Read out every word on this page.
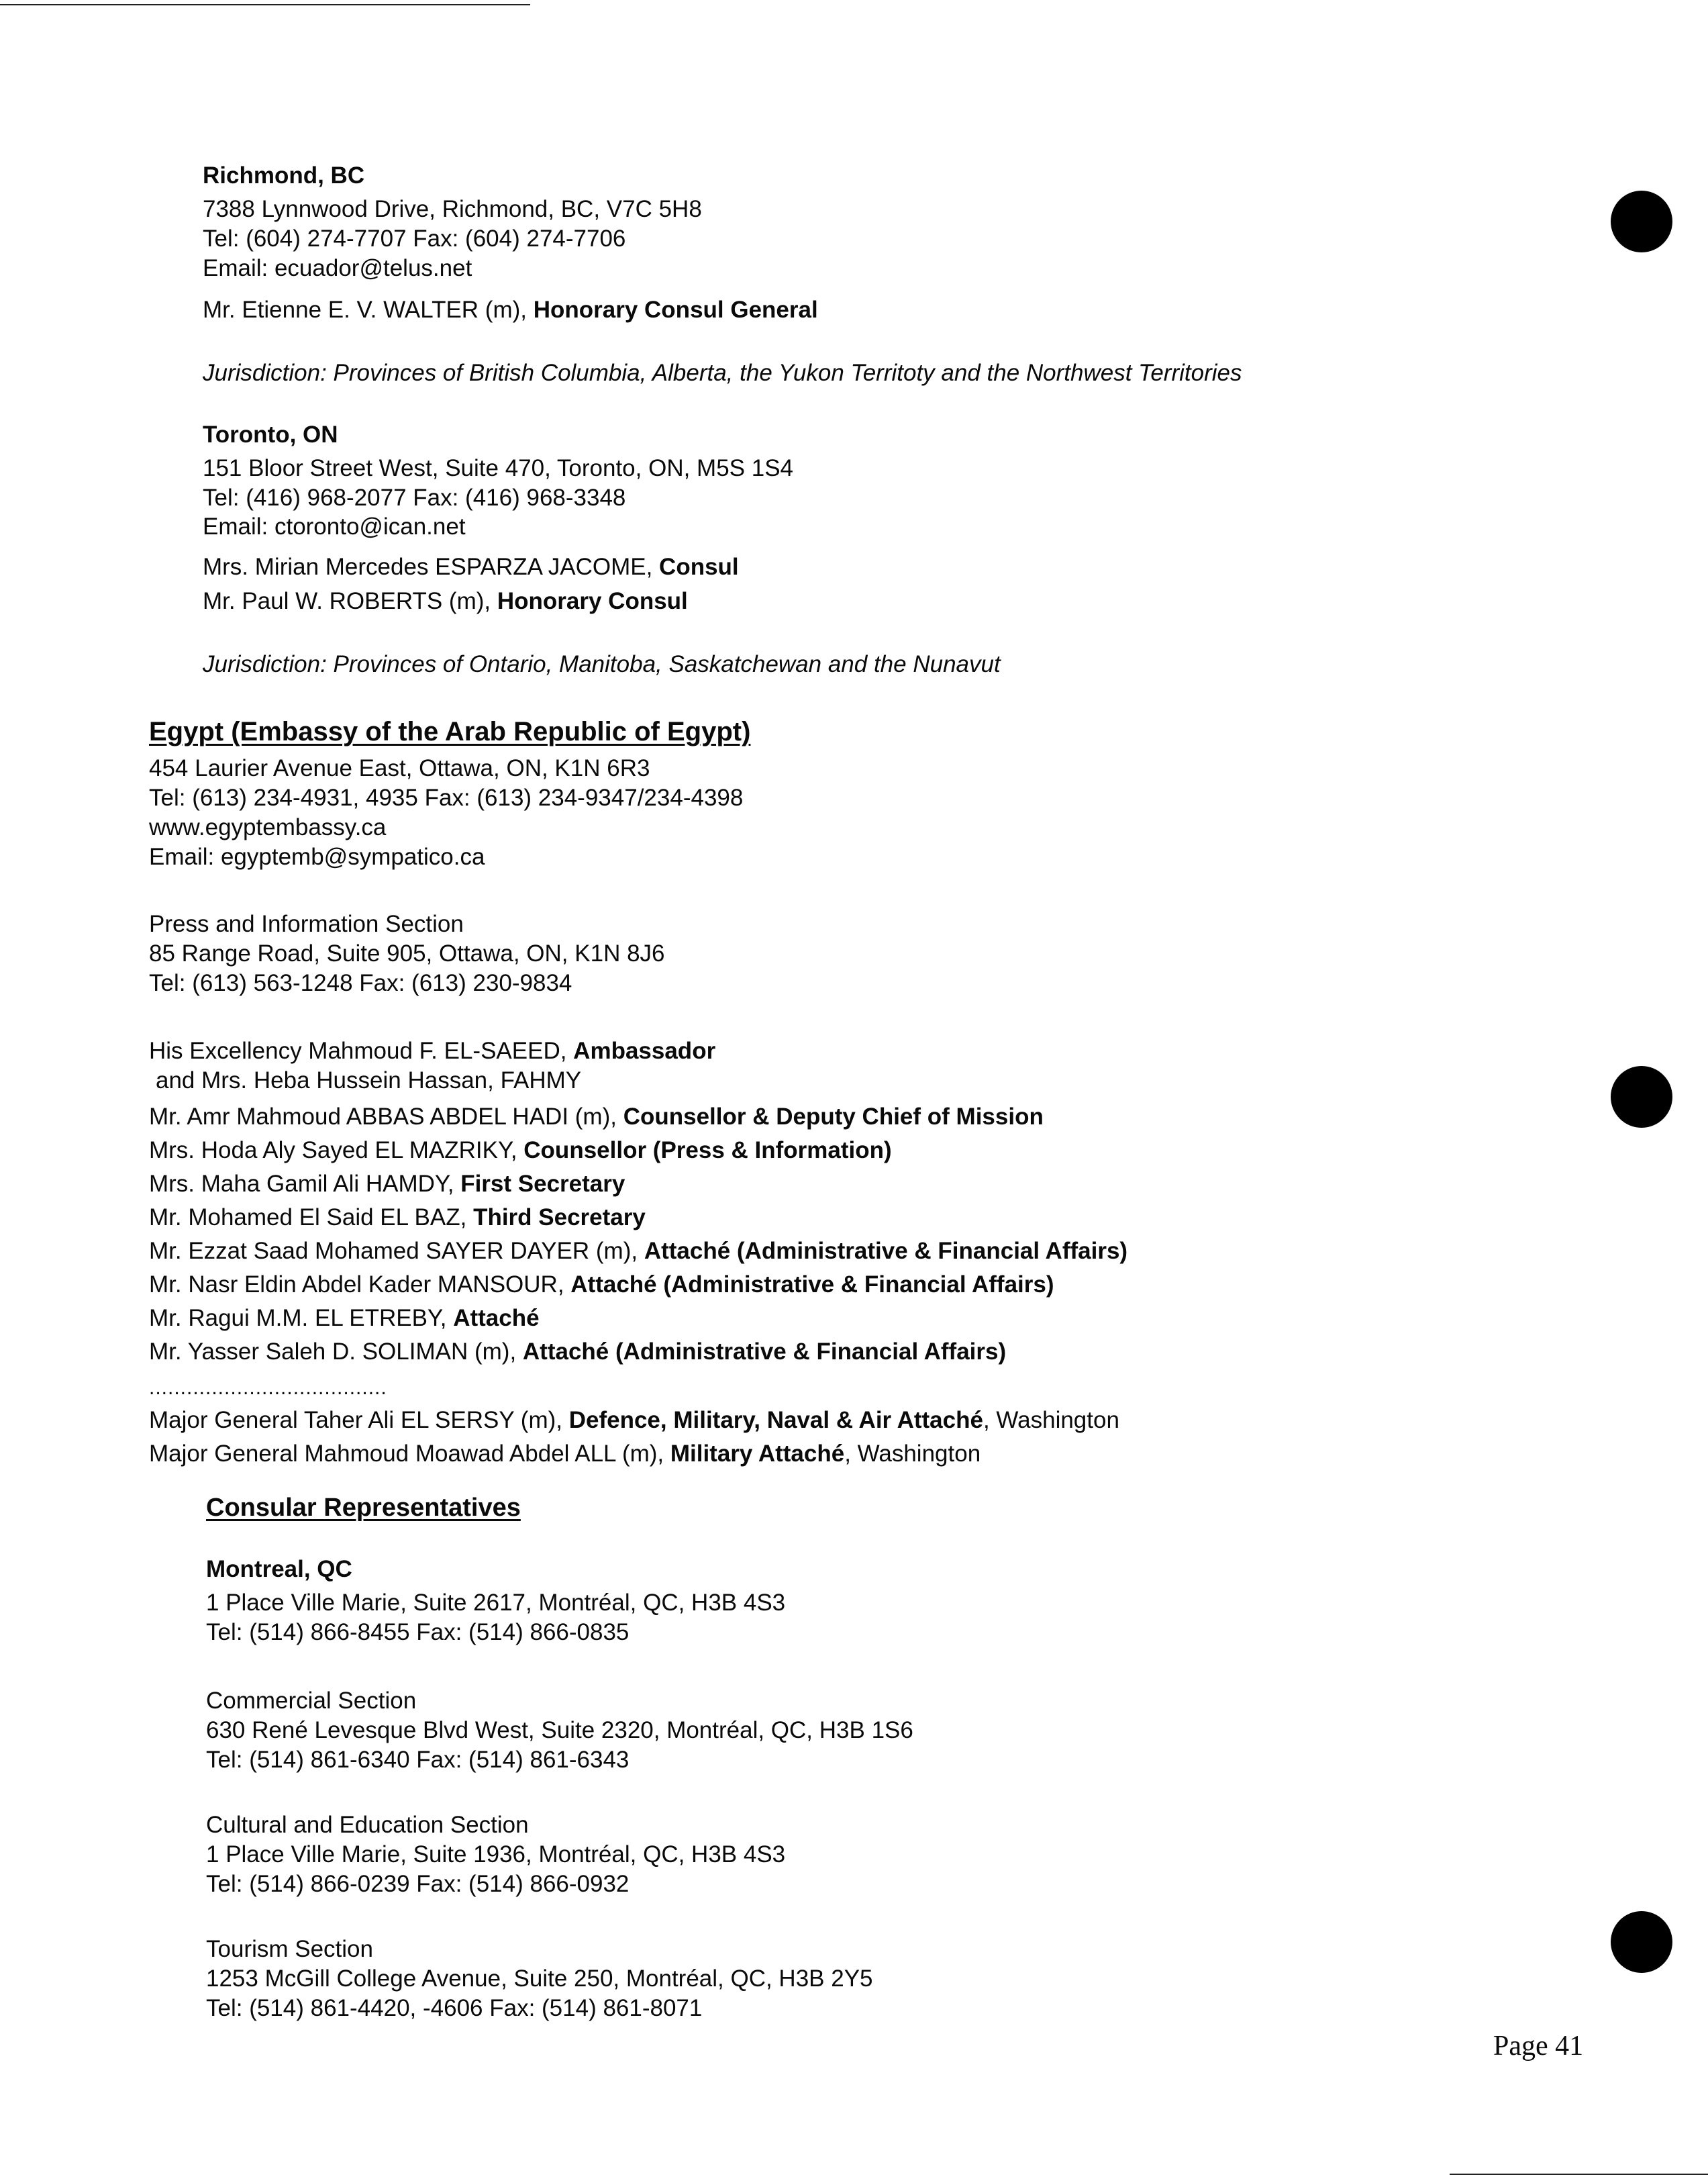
Richmond, BC
7388 Lynnwood Drive, Richmond, BC, V7C 5H8
Tel: (604) 274-7707 Fax: (604) 274-7706
Email: ecuador@telus.net
Mr. Etienne E. V. WALTER (m), Honorary Consul General
Jurisdiction: Provinces of British Columbia, Alberta, the Yukon Territoty and the Northwest Territories
Toronto, ON
151 Bloor Street West, Suite 470, Toronto, ON, M5S 1S4
Tel: (416) 968-2077 Fax: (416) 968-3348
Email: ctoronto@ican.net
Mrs. Mirian Mercedes ESPARZA JACOME, Consul
Mr. Paul W. ROBERTS (m), Honorary Consul
Jurisdiction: Provinces of Ontario, Manitoba, Saskatchewan and the Nunavut
Egypt (Embassy of the Arab Republic of Egypt)
454 Laurier Avenue East, Ottawa, ON, K1N 6R3
Tel: (613) 234-4931, 4935 Fax: (613) 234-9347/234-4398
www.egyptembassy.ca
Email: egyptemb@sympatico.ca
Press and Information Section
85 Range Road, Suite 905, Ottawa, ON, K1N 8J6
Tel: (613) 563-1248 Fax: (613) 230-9834
His Excellency Mahmoud F. EL-SAEED, Ambassador
and Mrs. Heba Hussein Hassan, FAHMY
Mr. Amr Mahmoud ABBAS ABDEL HADI (m), Counsellor & Deputy Chief of Mission
Mrs. Hoda Aly Sayed EL MAZRIKY, Counsellor (Press & Information)
Mrs. Maha Gamil Ali HAMDY, First Secretary
Mr. Mohamed El Said EL BAZ, Third Secretary
Mr. Ezzat Saad Mohamed SAYER DAYER (m), Attaché (Administrative & Financial Affairs)
Mr. Nasr Eldin Abdel Kader MANSOUR, Attaché (Administrative & Financial Affairs)
Mr. Ragui M.M. EL ETREBY, Attaché
Mr. Yasser Saleh D. SOLIMAN (m), Attaché (Administrative & Financial Affairs)
......................................
Major General Taher Ali EL SERSY (m), Defence, Military, Naval & Air Attaché, Washington
Major General Mahmoud Moawad Abdel ALL (m), Military Attaché, Washington
Consular Representatives
Montreal, QC
1 Place Ville Marie, Suite 2617, Montréal, QC, H3B 4S3
Tel: (514) 866-8455 Fax: (514) 866-0835
Commercial Section
630 René Levesque Blvd West, Suite 2320, Montréal, QC, H3B 1S6
Tel: (514) 861-6340 Fax: (514) 861-6343
Cultural and Education Section
1 Place Ville Marie, Suite 1936, Montréal, QC, H3B 4S3
Tel: (514) 866-0239 Fax: (514) 866-0932
Tourism Section
1253 McGill College Avenue, Suite 250, Montréal, QC, H3B 2Y5
Tel: (514) 861-4420, -4606 Fax: (514) 861-8071
Page 41
